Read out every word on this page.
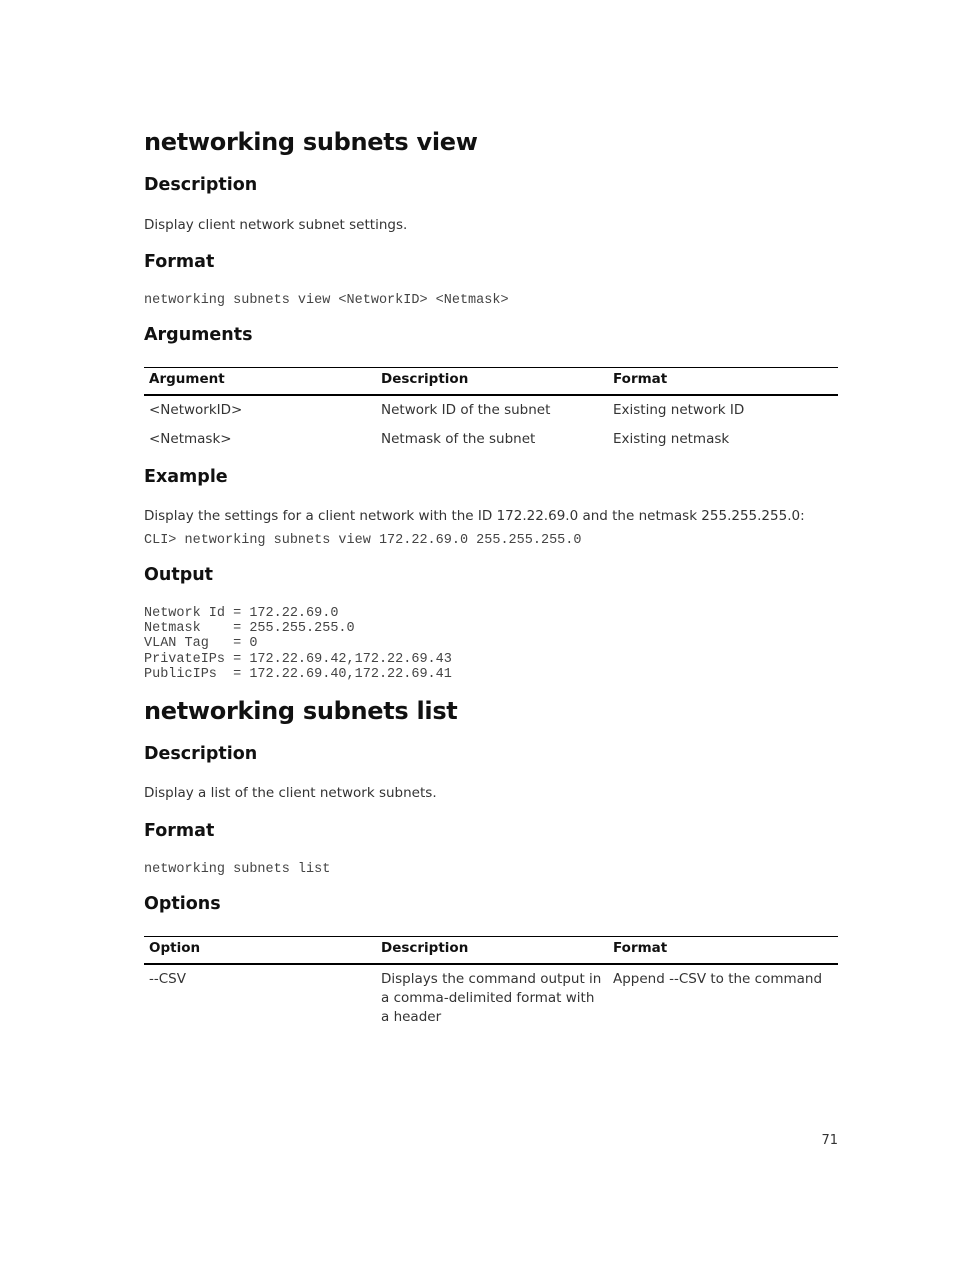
networking subnets view
Description

Display client network subnet settings.

Format
networking subnets view <NetworkID> <Netmask>
Arguments
Argument	Description	Format
<NetworkID>	Network ID of the subnet	Existing network ID
<Netmask>	Netmask of the subnet	Existing netmask
Example

Display the settings for a client network with the ID 172.22.69.0 and the netmask 255.255.255.0:

CLI> networking subnets view 172.22.69.0 255.255.255.0
Output
Network Id = 172.22.69.0
Netmask    = 255.255.255.0
VLAN Tag   = 0
PrivateIPs = 172.22.69.42,172.22.69.43
PublicIPs  = 172.22.69.40,172.22.69.41
networking subnets list
Description

Display a list of the client network subnets.

Format
networking subnets list
Options
Option	Description	Format
--CSV	Displays the command output in a comma-delimited format with a header	Append --CSV to the command
71
